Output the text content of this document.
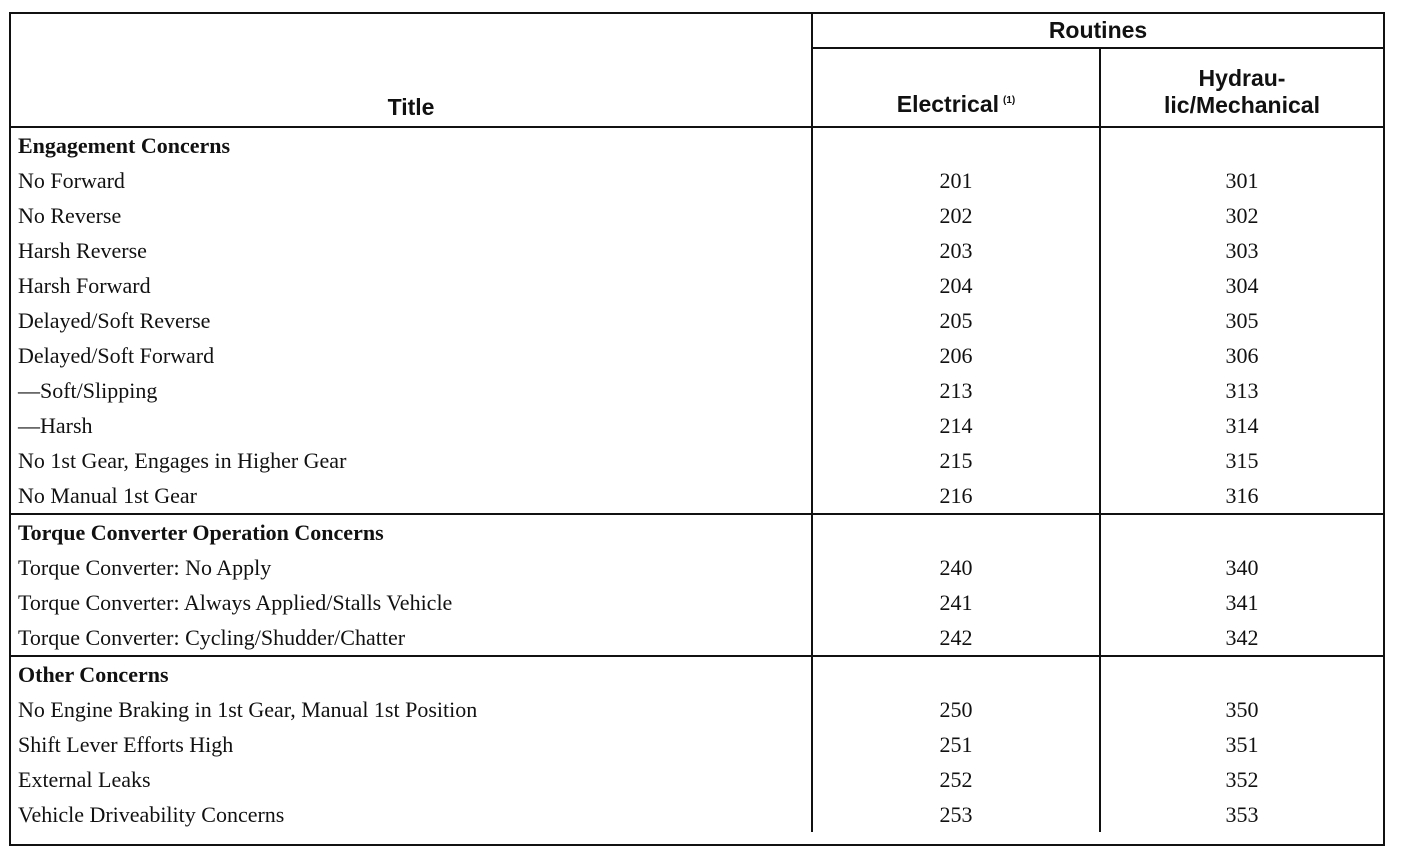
Title	Routines	
	Electrical $^{(1)}$	Hydrau-
lic/Mechanical
Engagement Concerns		
No Forward	201	301
No Reverse	202	302
Harsh Reverse	203	303
Harsh Forward	204	304
Delayed/Soft Reverse	205	305
Delayed/Soft Forward	206	306
—Soft/Slipping	213	313
—Harsh	214	314
No 1st Gear, Engages in Higher Gear	215	315
No Manual 1st Gear	216	316
Torque Converter Operation Concerns		
Torque Converter: No Apply	240	340
Torque Converter: Always Applied/Stalls Vehicle	241	341
Torque Converter: Cycling/Shudder/Chatter	242	342
Other Concerns		
No Engine Braking in 1st Gear, Manual 1st Position	250	350
Shift Lever Efforts High	251	351
External Leaks	252	352
Vehicle Driveability Concerns	253	353
